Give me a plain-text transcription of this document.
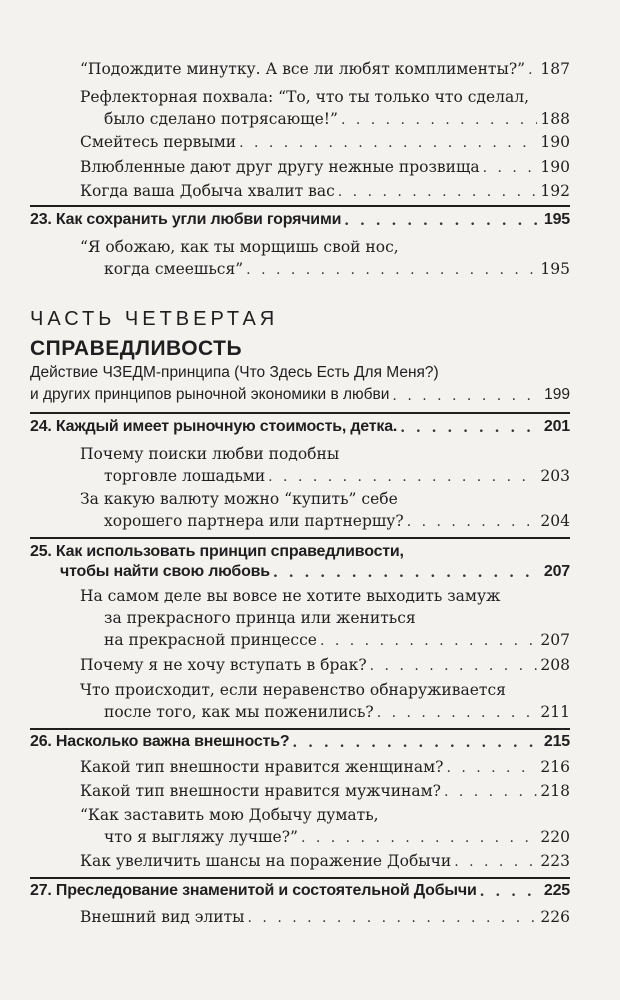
“Подождите минутку. А все ли любят комплименты?” . . . 187
Рефлекторная похвала: “То, что ты только что сделал,
было сделано потрясающе!” . . .	188
Смейтесь первыми . . .	190
Влюбленные дают друг другу нежные прозвища . . .	190
Когда ваша Добыча хвалит вас . . .	192
23. Как сохранить угли любви горячими . . .	195
“Я обожаю, как ты морщишь свой нос,
когда смеешься” . . .	195
ЧАСТЬ ЧЕТВЕРТАЯ
СПРАВЕДЛИВОСТЬ
Действие ЧЗЕДМ-принципа (Что Здесь Есть Для Меня?)
и других принципов рыночной экономики в любви . . .	199
24. Каждый имеет рыночную стоимость, детка. . . .	201
Почему поиски любви подобны
торговле лошадьми . . .	203
За какую валюту можно “купить” себе
хорошего партнера или партнершу? . . .	204
25. Как использовать принцип справедливости,
чтобы найти свою любовь . . .	207
На самом деле вы вовсе не хотите выходить замуж
за прекрасного принца или жениться
на прекрасной принцессе . . .	207
Почему я не хочу вступать в брак? . . .	208
Что происходит, если неравенство обнаруживается
после того, как мы поженились? . . .	211
26. Насколько важна внешность? . . .	215
Какой тип внешности нравится женщинам? . . .	216
Какой тип внешности нравится мужчинам? . . .	218
“Как заставить мою Добычу думать,
что я выгляжу лучше?” . . .	220
Как увеличить шансы на поражение Добычи . . .	223
27. Преследование знаменитой и состоятельной Добычи . . .	225
Внешний вид элиты . . .	226
